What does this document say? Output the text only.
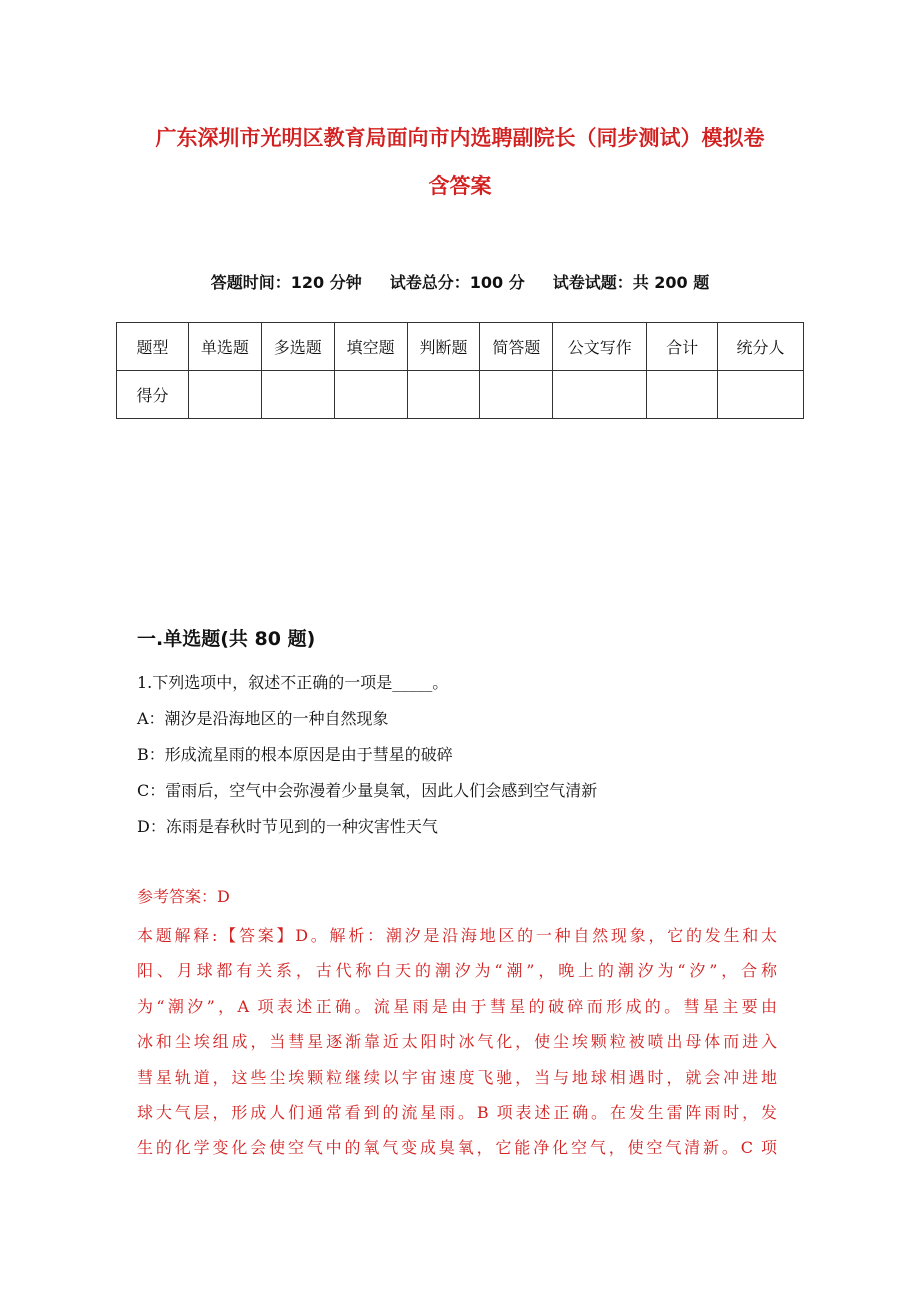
广东深圳市光明区教育局面向市内选聘副院长（同步测试）模拟卷
含答案
答题时间：120 分钟 试卷总分：100 分 试卷试题：共 200 题
题型	单选题	多选题	填空题	判断题	简答题	公文写作	合计	统分人
得分								
一.单选题(共 80 题)
1.下列选项中，叙述不正确的一项是_____。
A：潮汐是沿海地区的一种自然现象
B：形成流星雨的根本原因是由于彗星的破碎
C：雷雨后，空气中会弥漫着少量臭氧，因此人们会感到空气清新
D：冻雨是春秋时节见到的一种灾害性天气
参考答案：D
本题解释:【答案】D。解析：潮汐是沿海地区的一种自然现象，它的发生和太
阳、月球都有关系，古代称白天的潮汐为“潮”，晚上的潮汐为“汐”，合称
为“潮汐”，A 项表述正确。流星雨是由于彗星的破碎而形成的。彗星主要由
冰和尘埃组成，当彗星逐渐靠近太阳时冰气化，使尘埃颗粒被喷出母体而进入
彗星轨道，这些尘埃颗粒继续以宇宙速度飞驰，当与地球相遇时，就会冲进地
球大气层，形成人们通常看到的流星雨。B 项表述正确。在发生雷阵雨时，发
生的化学变化会使空气中的氧气变成臭氧，它能净化空气，使空气清新。C 项
